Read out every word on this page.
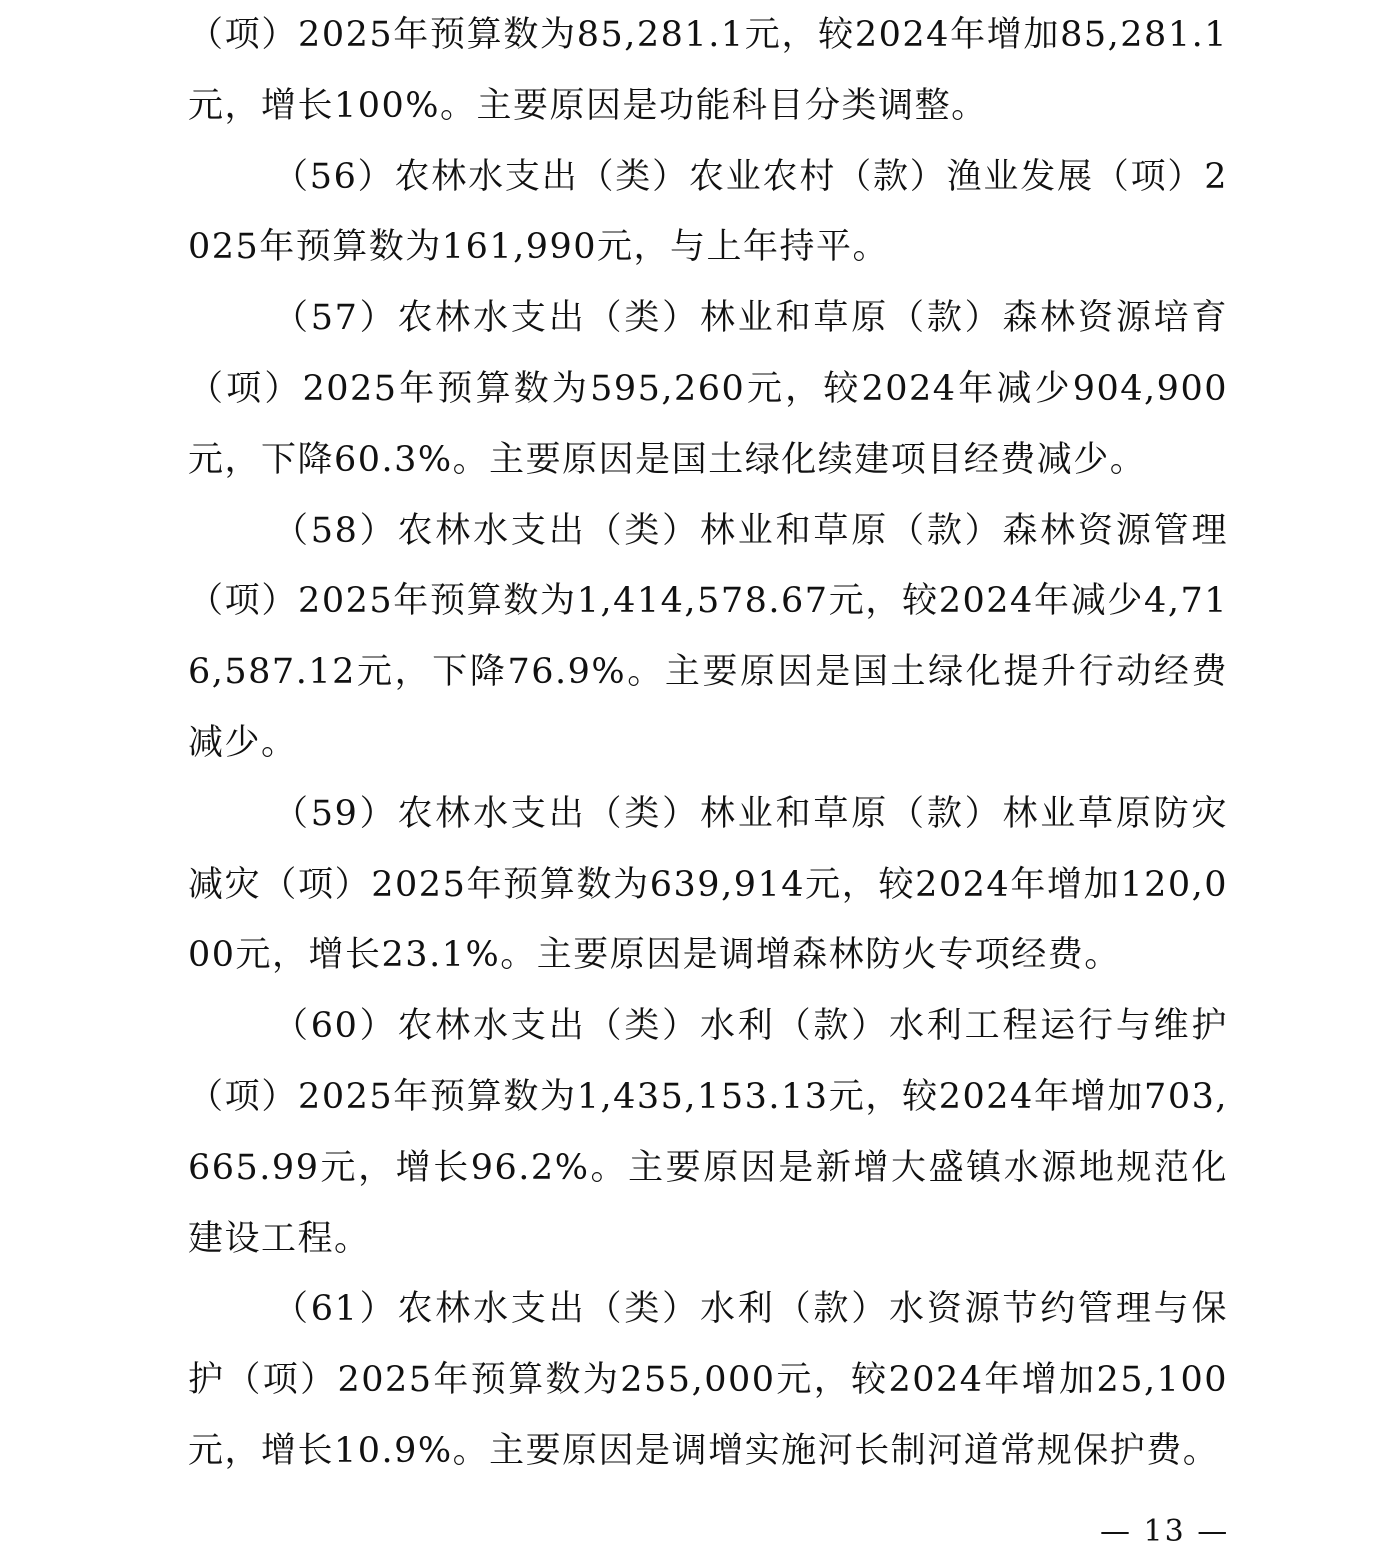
（项）2025年预算数为85,281.1元，较2024年增加85,281.1元，增长100%。主要原因是功能科目分类调整。

（56）农林水支出（类）农业农村（款）渔业发展（项）2025年预算数为161,990元，与上年持平。

（57）农林水支出（类）林业和草原（款）森林资源培育（项）2025年预算数为595,260元，较2024年减少904,900元，下降60.3%。主要原因是国土绿化续建项目经费减少。

（58）农林水支出（类）林业和草原（款）森林资源管理（项）2025年预算数为1,414,578.67元，较2024年减少4,716,587.12元，下降76.9%。主要原因是国土绿化提升行动经费减少。

（59）农林水支出（类）林业和草原（款）林业草原防灾减灾（项）2025年预算数为639,914元，较2024年增加120,000元，增长23.1%。主要原因是调增森林防火专项经费。

（60）农林水支出（类）水利（款）水利工程运行与维护（项）2025年预算数为1,435,153.13元，较2024年增加703,665.99元，增长96.2%。主要原因是新增大盛镇水源地规范化建设工程。

（61）农林水支出（类）水利（款）水资源节约管理与保护（项）2025年预算数为255,000元，较2024年增加25,100元，增长10.9%。主要原因是调增实施河长制河道常规保护费。

— 13 —
